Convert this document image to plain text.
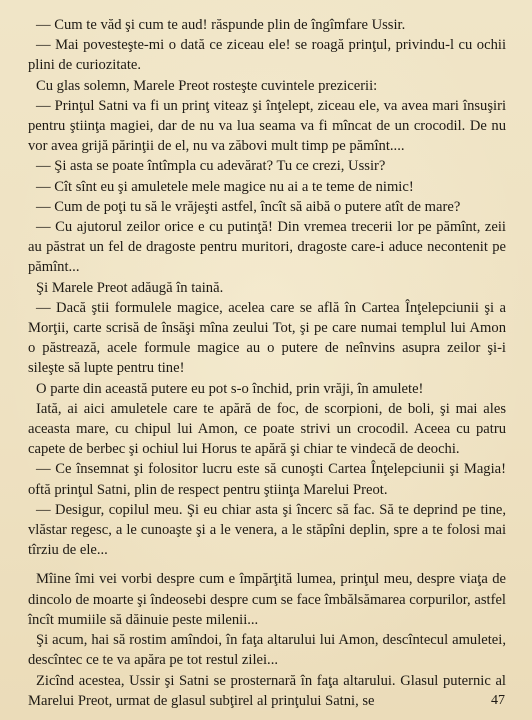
— Cum te văd şi cum te aud! răspunde plin de îngîmfare Ussir.

— Mai povesteşte-mi o dată ce ziceau ele! se roagă prinţul, privindu-l cu ochii plini de curiozitate.

Cu glas solemn, Marele Preot rosteşte cuvintele prezicerii:

— Prinţul Satni va fi un prinţ viteaz şi înţelept, ziceau ele, va avea mari însuşiri pentru ştiinţa magiei, dar de nu va lua seama va fi mîncat de un crocodil. De nu vor avea grijă părinţii de el, nu va zăbovi mult timp pe pămînt....

— Şi asta se poate întîmpla cu adevărat? Tu ce crezi, Ussir?

— Cît sînt eu şi amuletele mele magice nu ai a te teme de nimic!

— Cum de poţi tu să le vrăjeşti astfel, încît să aibă o putere atît de mare?

— Cu ajutorul zeilor orice e cu putinţă! Din vremea trecerii lor pe pămînt, zeii au păstrat un fel de dragoste pentru muritori, dragoste care-i aduce necontenit pe pămînt...

Şi Marele Preot adăugă în taină.

— Dacă ştii formulele magice, acelea care se află în Cartea Înţelepciunii şi a Morţii, carte scrisă de însăşi mîna zeului Tot, şi pe care numai templul lui Amon o păstrează, acele formule magice au o putere de neînvins asupra zeilor şi-i sileşte să lupte pentru tine!

O parte din această putere eu pot s-o închid, prin vrăji, în amulete!

Iată, ai aici amuletele care te apără de foc, de scorpioni, de boli, şi mai ales aceasta mare, cu chipul lui Amon, ce poate strivi un crocodil. Aceea cu patru capete de berbec şi ochiul lui Horus te apără şi chiar te vindecă de deochi.

— Ce însemnat şi folositor lucru este să cunoşti Cartea Înţelepciunii şi Magia! oftă prinţul Satni, plin de respect pentru ştiinţa Marelui Preot.

— Desigur, copilul meu. Şi eu chiar asta şi încerc să fac. Să te deprind pe tine, vlăstar regesc, a le cunoaşte şi a le venera, a le stăpîni deplin, spre a te folosi mai tîrziu de ele...

Mîine îmi vei vorbi despre cum e împărţită lumea, prinţul meu, despre viaţa de dincolo de moarte şi îndeosebi despre cum se face îmbălsămarea corpurilor, astfel încît mumiile să dăinuie peste milenii...

Şi acum, hai să rostim amîndoi, în faţa altarului lui Amon, descîntecul amuletei, descîntec ce te va apăra pe tot restul zilei...

Zicînd acestea, Ussir şi Satni se prosternară în faţa altarului. Glasul puternic al Marelui Preot, urmat de glasul subţirel al prinţului Satni, se	47
